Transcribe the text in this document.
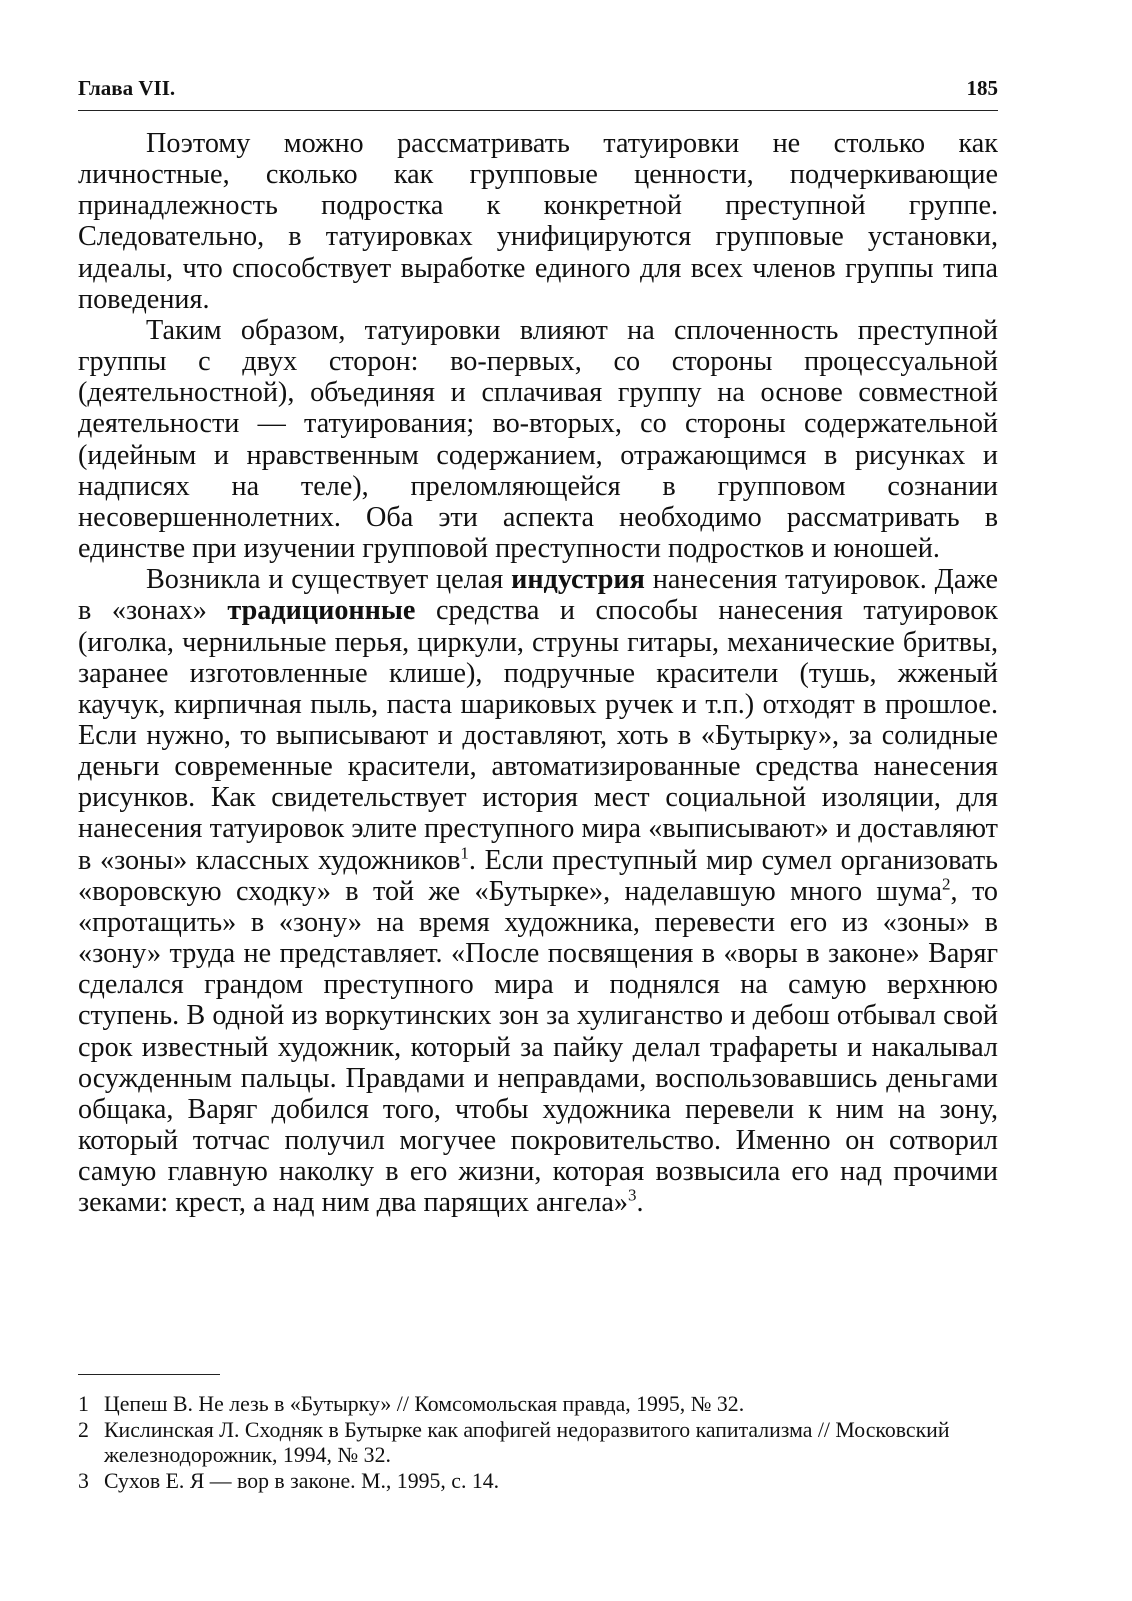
Глава VII.	185

Поэтому можно рассматривать татуировки не столько как личностные, сколько как групповые ценности, подчеркивающие принадлежность подростка к конкретной преступной группе. Следовательно, в татуировках унифицируются групповые установки, идеалы, что способствует выработке единого для всех членов группы типа поведения.

Таким образом, татуировки влияют на сплоченность преступной группы с двух сторон: во-первых, со стороны процессуальной (деятельностной), объединяя и сплачивая группу на основе совместной деятельности — татуирования; во-вторых, со стороны содержательной (идейным и нравственным содержанием, отражающимся в рисунках и надписях на теле), преломляющейся в групповом сознании несовершеннолетних. Оба эти аспекта необходимо рассматривать в единстве при изучении групповой преступности подростков и юношей.

Возникла и существует целая индустрия нанесения татуировок. Даже в «зонах» традиционные средства и способы нанесения татуировок (иголка, чернильные перья, циркули, струны гитары, механические бритвы, заранее изготовленные клише), подручные красители (тушь, жженый каучук, кирпичная пыль, паста шариковых ручек и т.п.) отходят в прошлое. Если нужно, то выписывают и доставляют, хоть в «Бутырку», за солидные деньги современные красители, автоматизированные средства нанесения рисунков. Как свидетельствует история мест социальной изоляции, для нанесения татуировок элите преступного мира «выписывают» и доставляют в «зоны» классных художников$^1$. Если преступный мир сумел организовать «воровскую сходку» в той же «Бутырке», наделавшую много шума$^2$, то «протащить» в «зону» на время художника, перевести его из «зоны» в «зону» труда не представляет. «После посвящения в «воры в законе» Варяг сделался грандом преступного мира и поднялся на самую верхнюю ступень. В одной из воркутинских зон за хулиганство и дебош отбывал свой срок известный художник, который за пайку делал трафареты и накалывал осужденным пальцы. Правдами и неправдами, воспользовавшись деньгами общака, Варяг добился того, чтобы художника перевели к ним на зону, который тотчас получил могучее покровительство. Именно он сотворил самую главную наколку в его жизни, которая возвысила его над прочими зеками: крест, а над ним два парящих ангела»$^3$.

1 Цепеш В. Не лезь в «Бутырку» // Комсомольская правда, 1995, № 32.

2 Кислинская Л. Сходняк в Бутырке как апофигей недоразвитого капитализма // Московский железнодорожник, 1994, № 32.

3 Сухов Е. Я — вор в законе. М., 1995, с. 14.
